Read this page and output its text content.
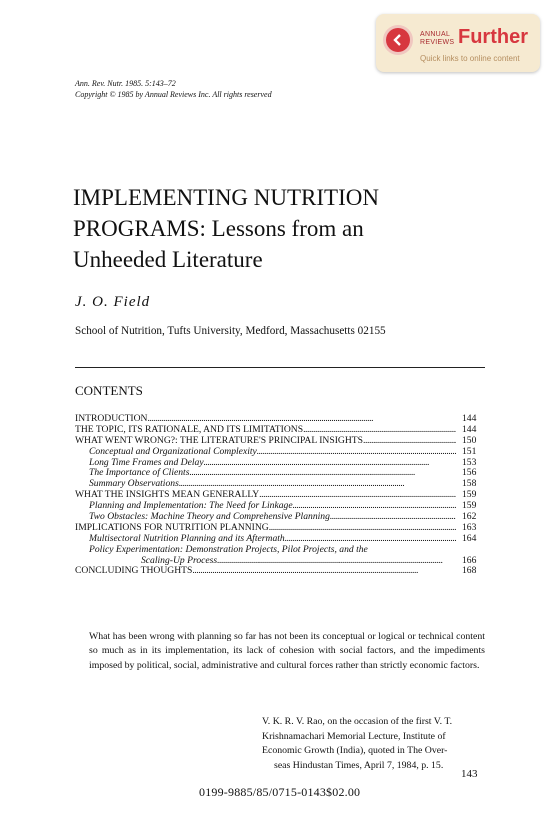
ANNUAL
REVIEWS Further
Quick links to online content
Ann. Rev. Nutr. 1985. 5:143–72
Copyright © 1985 by Annual Reviews Inc. All rights reserved
IMPLEMENTING NUTRITION
PROGRAMS: Lessons from an
Unheeded Literature
J. O. Field
School of Nutrition, Tufts University, Medford, Massachusetts 02155
CONTENTS
INTRODUCTION . . .	144
THE TOPIC, ITS RATIONALE, AND ITS LIMITATIONS . . .	144
WHAT WENT WRONG?: THE LITERATURE'S PRINCIPAL INSIGHTS . . .	150
Conceptual and Organizational Complexity . . .	151
Long Time Frames and Delay . . .	153
The Importance of Clients . . .	156
Summary Observations . . .	158
WHAT THE INSIGHTS MEAN GENERALLY . . .	159
Planning and Implementation: The Need for Linkage . . .	159
Two Obstacles: Machine Theory and Comprehensive Planning . . .	162
IMPLICATIONS FOR NUTRITION PLANNING . . .	163
Multisectoral Nutrition Planning and its Aftermath . . .	164
Policy Experimentation: Demonstration Projects, Pilot Projects, and the
Scaling-Up Process . . .	166
CONCLUDING THOUGHTS . . .	168
What has been wrong with planning so far has not been its conceptual or logical or technical content so much as in its implementation, its lack of cohesion with social factors, and the impediments imposed by political, social, administrative and cultural forces rather than strictly economic factors.
V. K. R. V. Rao, on the occasion of the first V. T.
Krishnamachari Memorial Lecture, Institute of
Economic Growth (India), quoted in The Over-
seas Hindustan Times, April 7, 1984, p. 15.
143
0199-9885/85/0715-0143$02.00
